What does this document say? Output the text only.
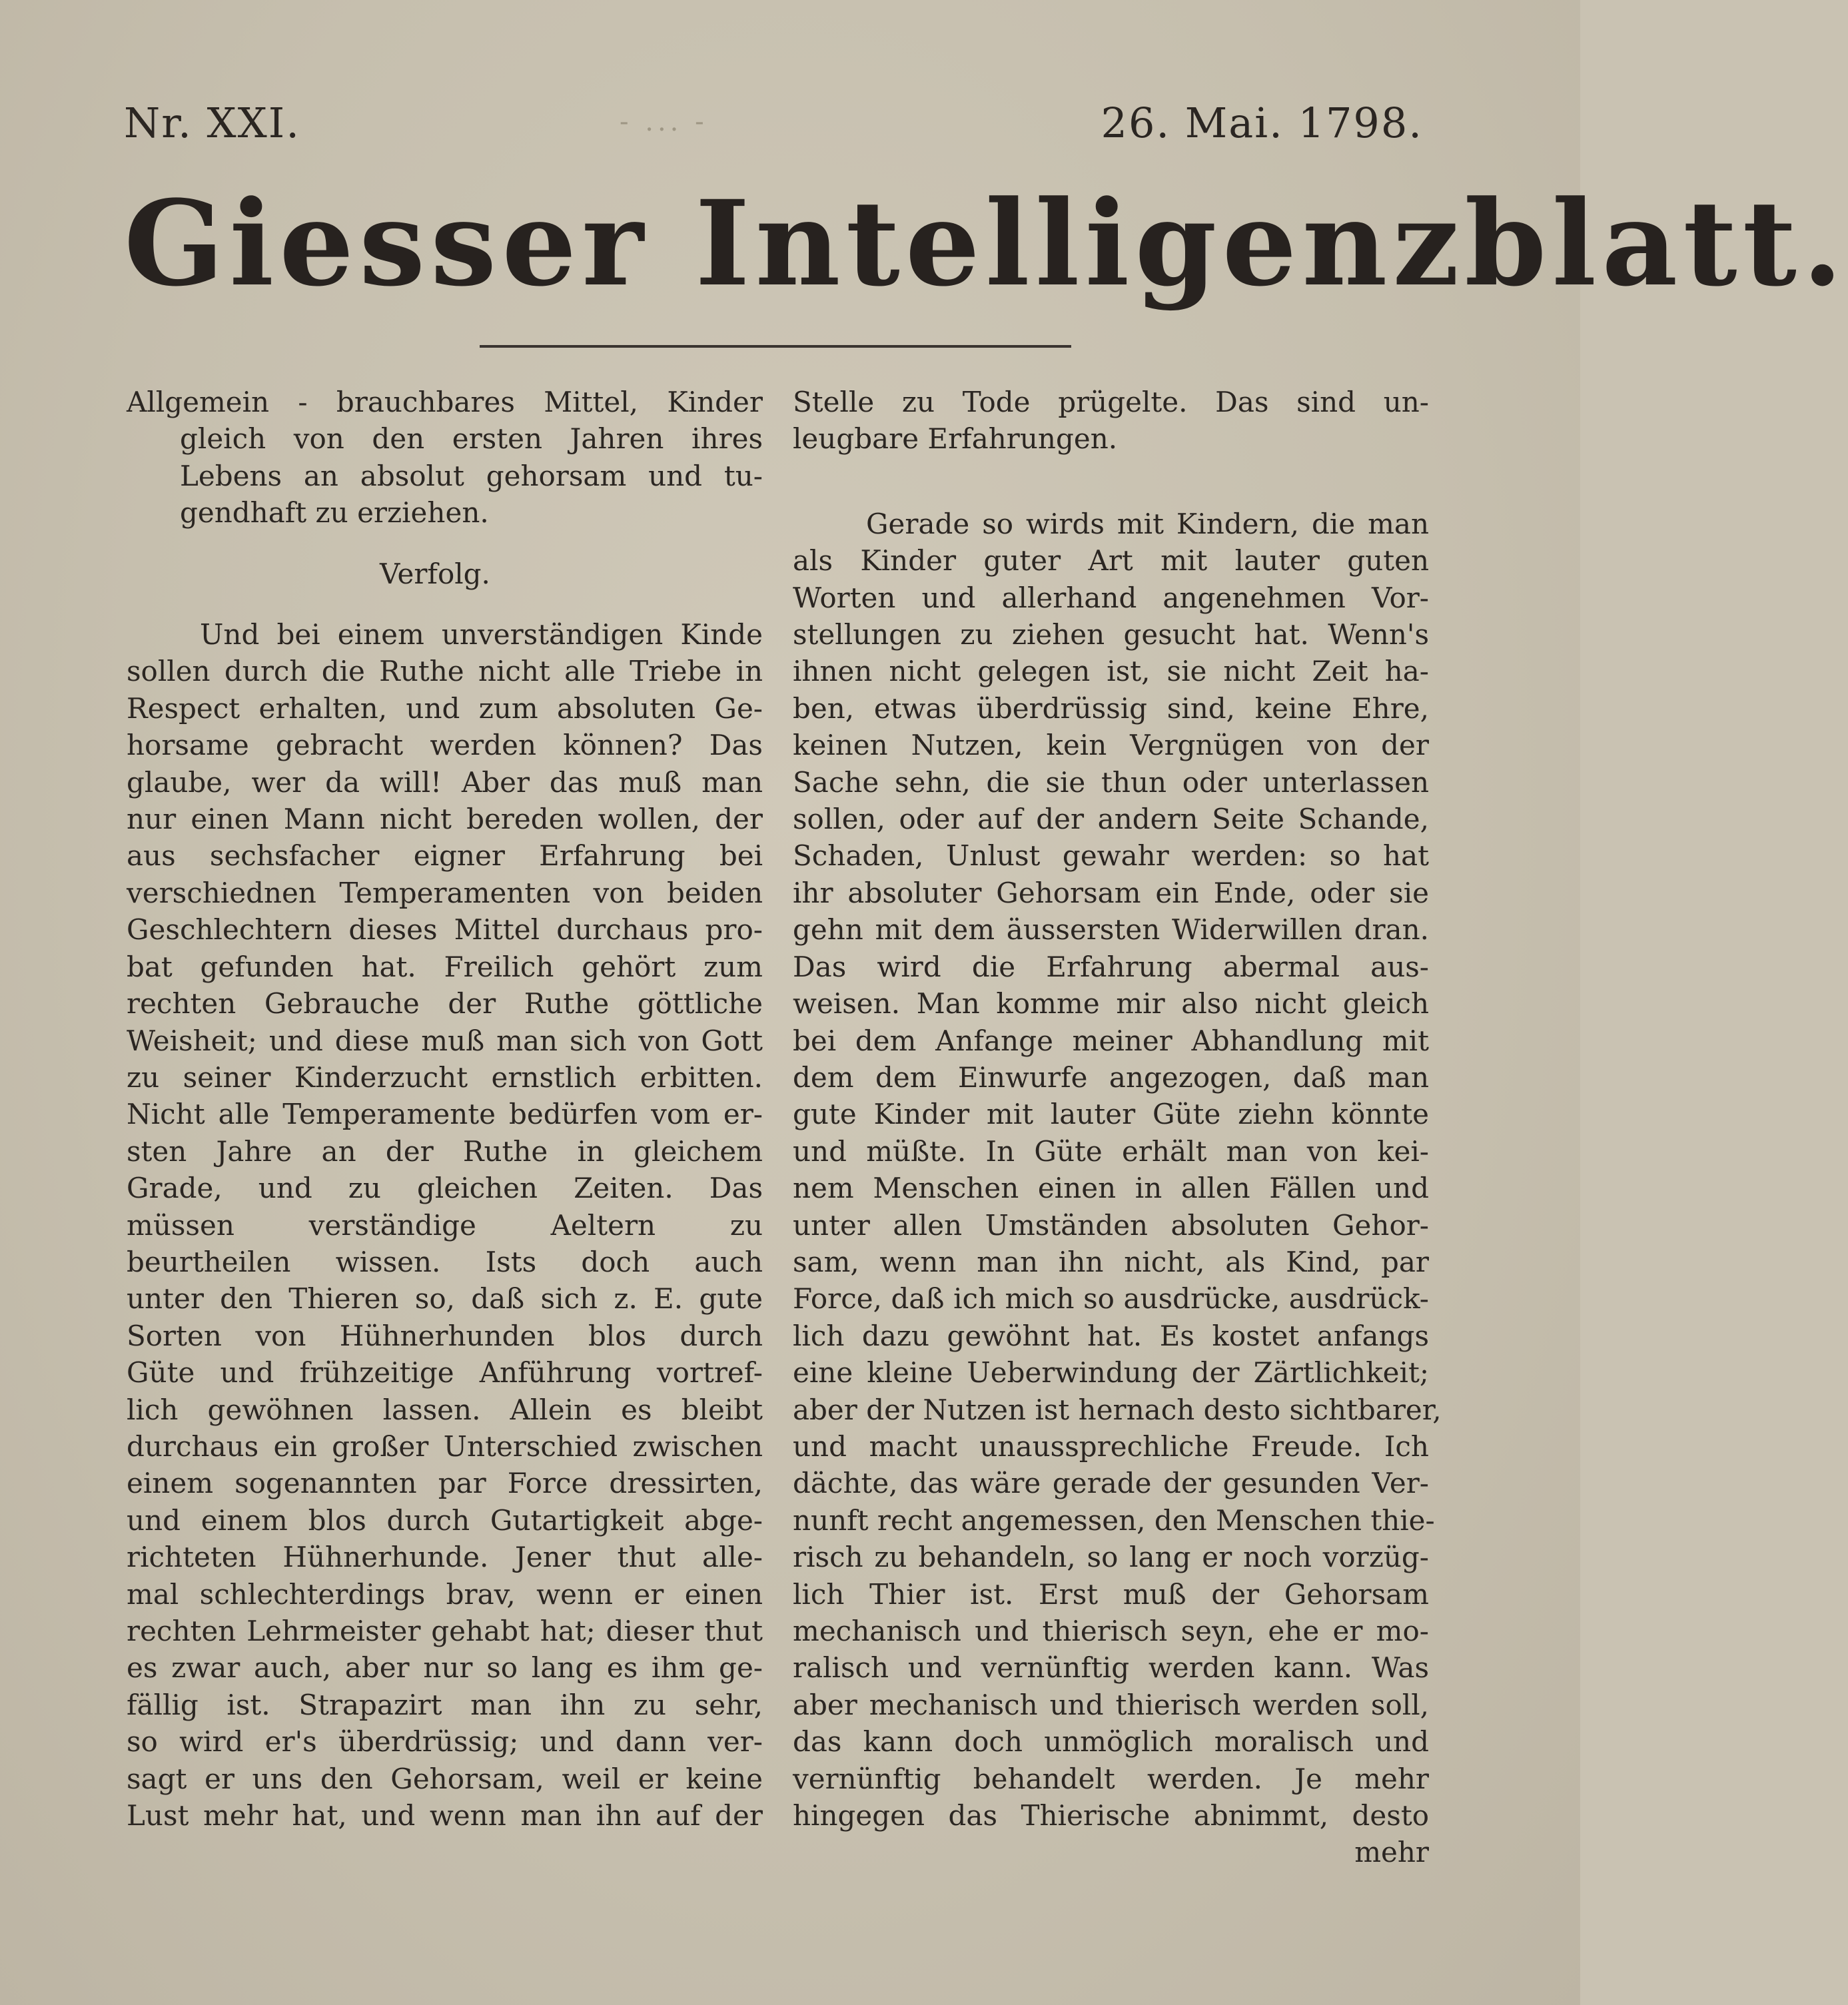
Nr. XXI.	- ... -	26. Mai. 1798.
Giesser Intelligenzblatt.
Allgemein - brauchbares Mittel, Kinder
gleich von den ersten Jahren ihres
Lebens an absolut gehorsam und tu-
gendhaft zu erziehen.
Verfolg.
Und bei einem unverständigen Kinde
sollen durch die Ruthe nicht alle Triebe in
Respect erhalten, und zum absoluten Ge-
horsame gebracht werden können? Das
glaube, wer da will! Aber das muß man
nur einen Mann nicht bereden wollen, der
aus sechsfacher eigner Erfahrung bei
verschiednen Temperamenten von beiden
Geschlechtern dieses Mittel durchaus pro-
bat gefunden hat. Freilich gehört zum
rechten Gebrauche der Ruthe göttliche
Weisheit; und diese muß man sich von Gott
zu seiner Kinderzucht ernstlich erbitten.
Nicht alle Temperamente bedürfen vom er-
sten Jahre an der Ruthe in gleichem
Grade, und zu gleichen Zeiten. Das
müssen verständige Aeltern zu
beurtheilen wissen. Ists doch auch
unter den Thieren so, daß sich z. E. gute
Sorten von Hühnerhunden blos durch
Güte und frühzeitige Anführung vortref-
lich gewöhnen lassen. Allein es bleibt
durchaus ein großer Unterschied zwischen
einem sogenannten par Force dressirten,
und einem blos durch Gutartigkeit abge-
richteten Hühnerhunde. Jener thut alle-
mal schlechterdings brav, wenn er einen
rechten Lehrmeister gehabt hat; dieser thut
es zwar auch, aber nur so lang es ihm ge-
fällig ist. Strapazirt man ihn zu sehr,
so wird er's überdrüssig; und dann ver-
sagt er uns den Gehorsam, weil er keine
Lust mehr hat, und wenn man ihn auf der
Stelle zu Tode prügelte. Das sind un-
leugbare Erfahrungen.
Gerade so wirds mit Kindern, die man
als Kinder guter Art mit lauter guten
Worten und allerhand angenehmen Vor-
stellungen zu ziehen gesucht hat. Wenn's
ihnen nicht gelegen ist, sie nicht Zeit ha-
ben, etwas überdrüssig sind, keine Ehre,
keinen Nutzen, kein Vergnügen von der
Sache sehn, die sie thun oder unterlassen
sollen, oder auf der andern Seite Schande,
Schaden, Unlust gewahr werden: so hat
ihr absoluter Gehorsam ein Ende, oder sie
gehn mit dem äussersten Widerwillen dran.
Das wird die Erfahrung abermal aus-
weisen. Man komme mir also nicht gleich
bei dem Anfange meiner Abhandlung mit
dem dem Einwurfe angezogen, daß man
gute Kinder mit lauter Güte ziehn könnte
und müßte. In Güte erhält man von kei-
nem Menschen einen in allen Fällen und
unter allen Umständen absoluten Gehor-
sam, wenn man ihn nicht, als Kind, par
Force, daß ich mich so ausdrücke, ausdrück-
lich dazu gewöhnt hat. Es kostet anfangs
eine kleine Ueberwindung der Zärtlichkeit;
aber der Nutzen ist hernach desto sichtbarer,
und macht unaussprechliche Freude. Ich
dächte, das wäre gerade der gesunden Ver-
nunft recht angemessen, den Menschen thie-
risch zu behandeln, so lang er noch vorzüg-
lich Thier ist. Erst muß der Gehorsam
mechanisch und thierisch seyn, ehe er mo-
ralisch und vernünftig werden kann. Was
aber mechanisch und thierisch werden soll,
das kann doch unmöglich moralisch und
vernünftig behandelt werden. Je mehr
hingegen das Thierische abnimmt, desto
mehr
